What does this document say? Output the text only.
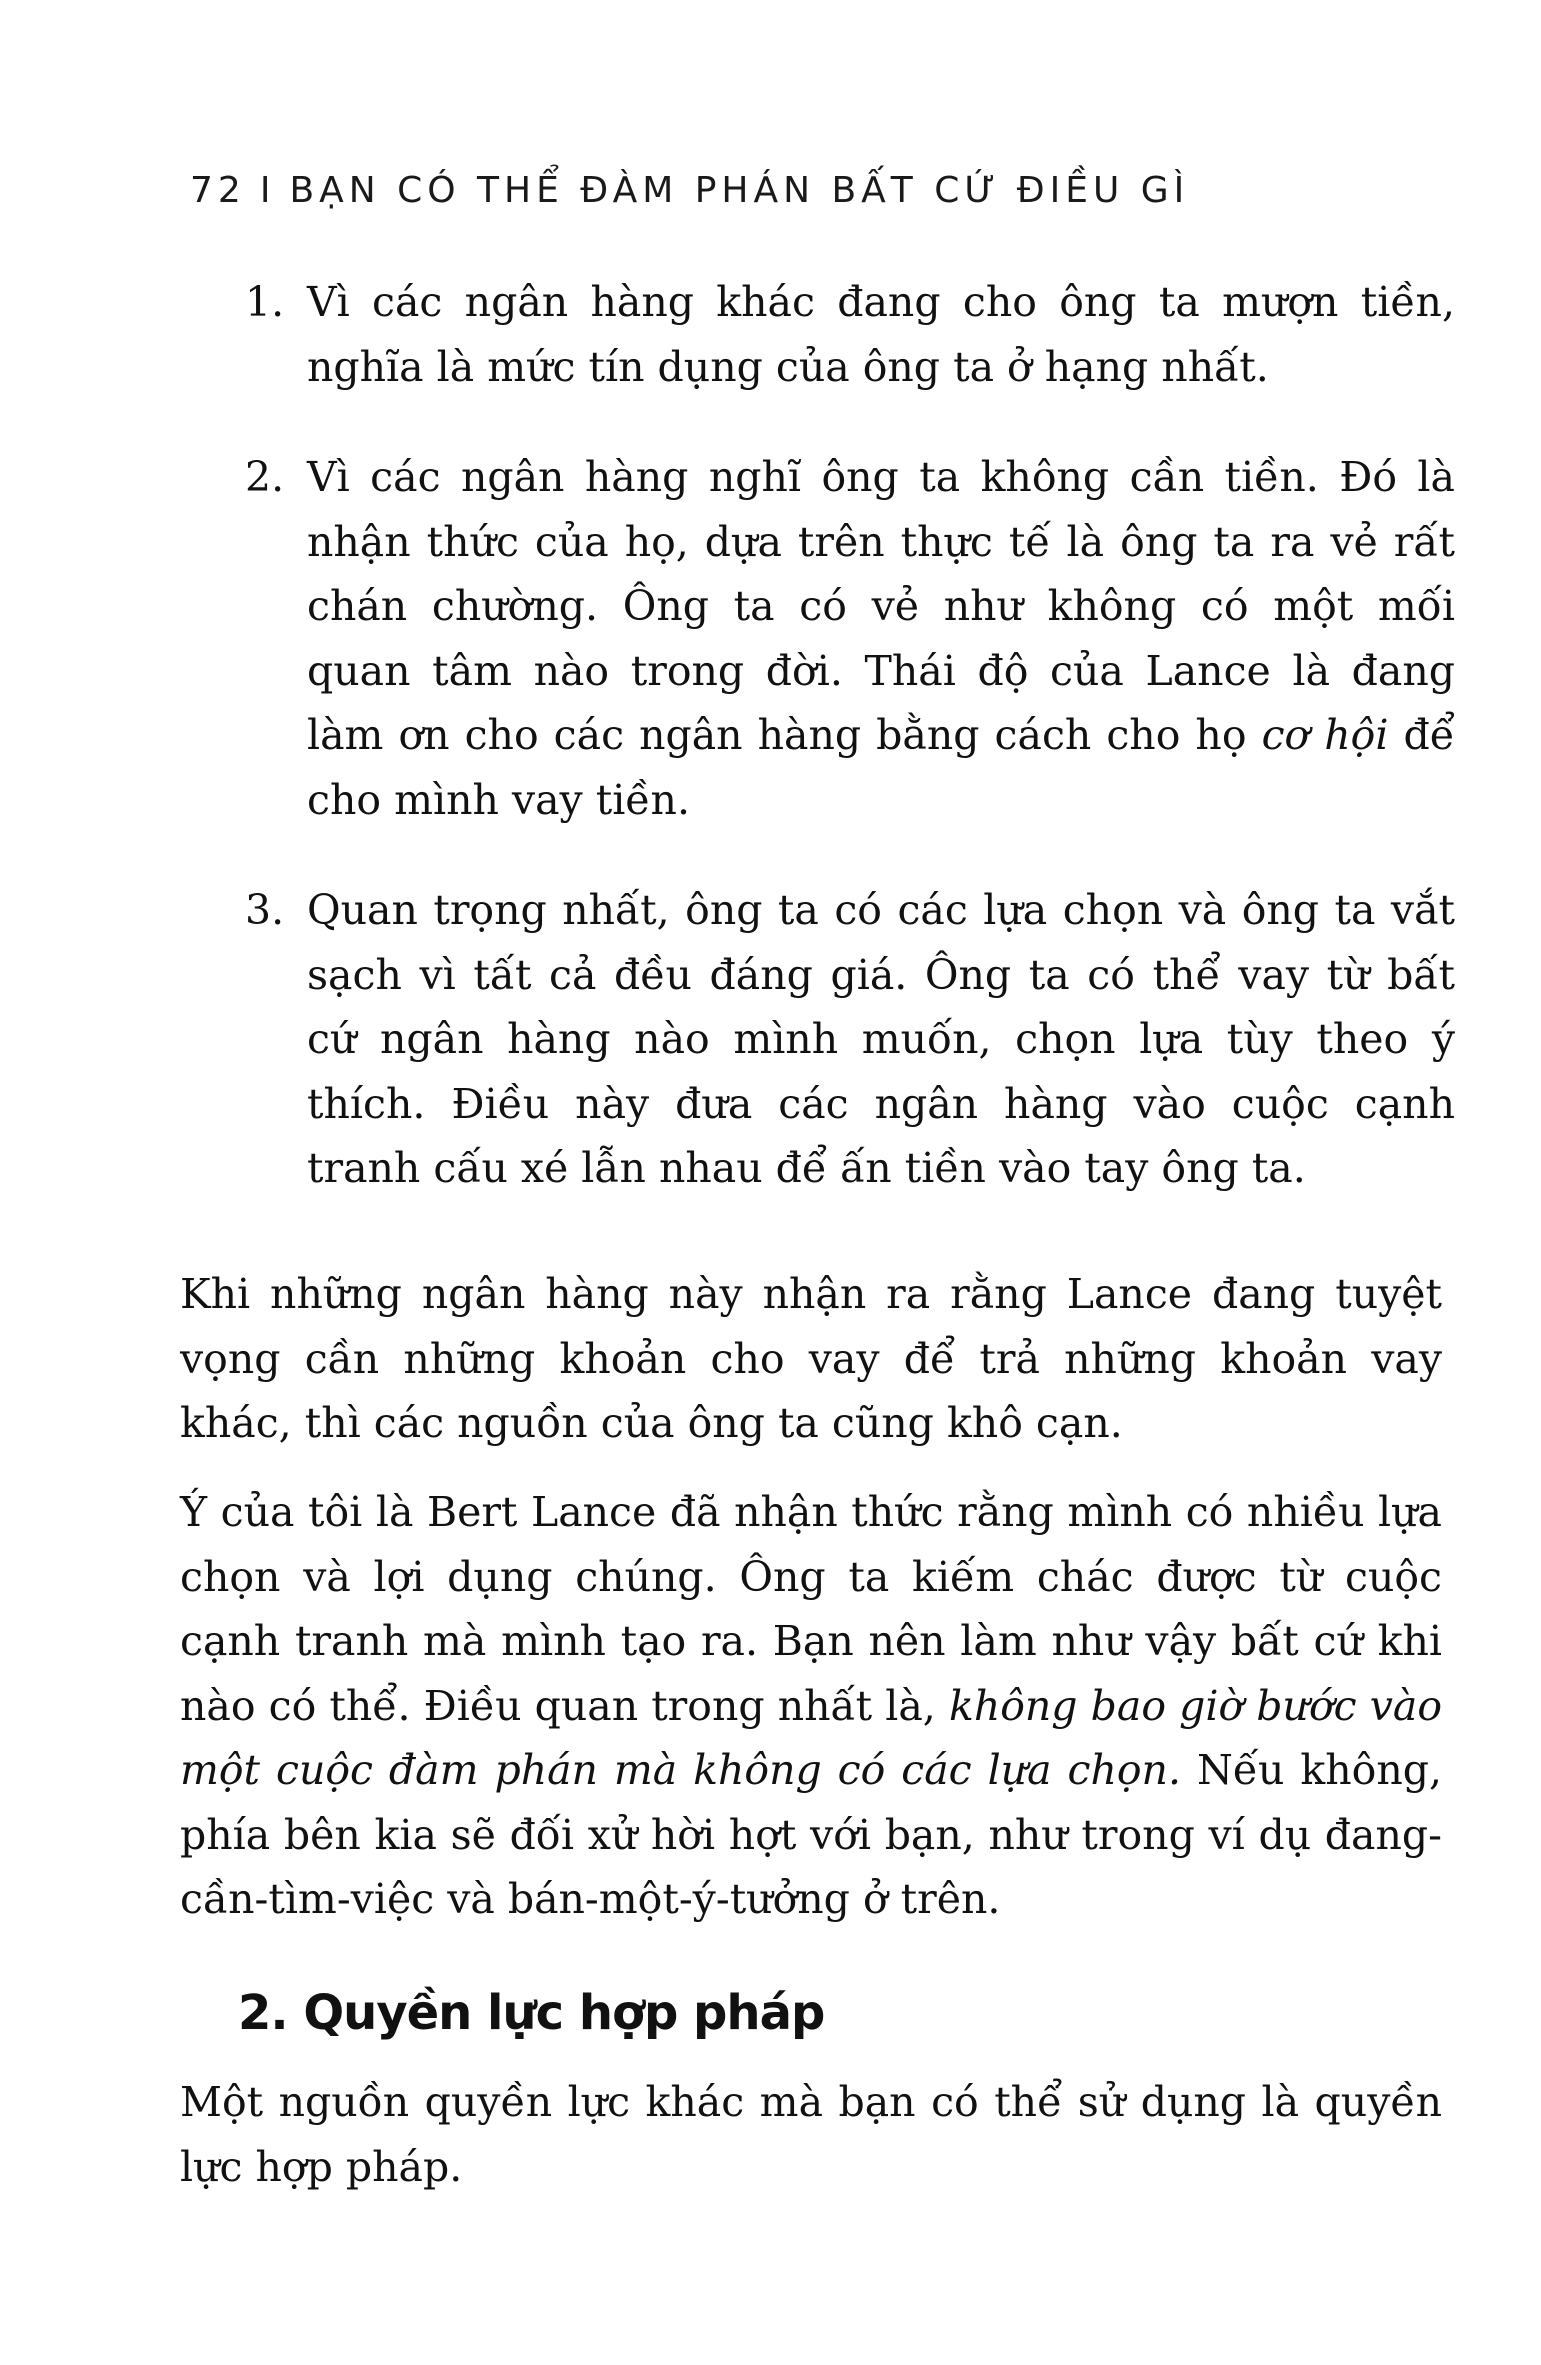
72 I BẠN CÓ THỂ ĐÀM PHÁN BẤT CỨ ĐIỀU GÌ
1. Vì các ngân hàng khác đang cho ông ta mượn tiền, nghĩa là mức tín dụng của ông ta ở hạng nhất.
2. Vì các ngân hàng nghĩ ông ta không cần tiền. Đó là nhận thức của họ, dựa trên thực tế là ông ta ra vẻ rất chán chường. Ông ta có vẻ như không có một mối quan tâm nào trong đời. Thái độ của Lance là đang làm ơn cho các ngân hàng bằng cách cho họ cơ hội để cho mình vay tiền.
3. Quan trọng nhất, ông ta có các lựa chọn và ông ta vắt sạch vì tất cả đều đáng giá. Ông ta có thể vay từ bất cứ ngân hàng nào mình muốn, chọn lựa tùy theo ý thích. Điều này đưa các ngân hàng vào cuộc cạnh tranh cấu xé lẫn nhau để ấn tiền vào tay ông ta.
Khi những ngân hàng này nhận ra rằng Lance đang tuyệt vọng cần những khoản cho vay để trả những khoản vay khác, thì các nguồn của ông ta cũng khô cạn.
Ý của tôi là Bert Lance đã nhận thức rằng mình có nhiều lựa chọn và lợi dụng chúng. Ông ta kiếm chác được từ cuộc cạnh tranh mà mình tạo ra. Bạn nên làm như vậy bất cứ khi nào có thể. Điều quan trong nhất là, không bao giờ bước vào một cuộc đàm phán mà không có các lựa chọn. Nếu không, phía bên kia sẽ đối xử hời hợt với bạn, như trong ví dụ đang-cần-tìm-việc và bán-một-ý-tưởng ở trên.
2. Quyền lực hợp pháp
Một nguồn quyền lực khác mà bạn có thể sử dụng là quyền lực hợp pháp.
